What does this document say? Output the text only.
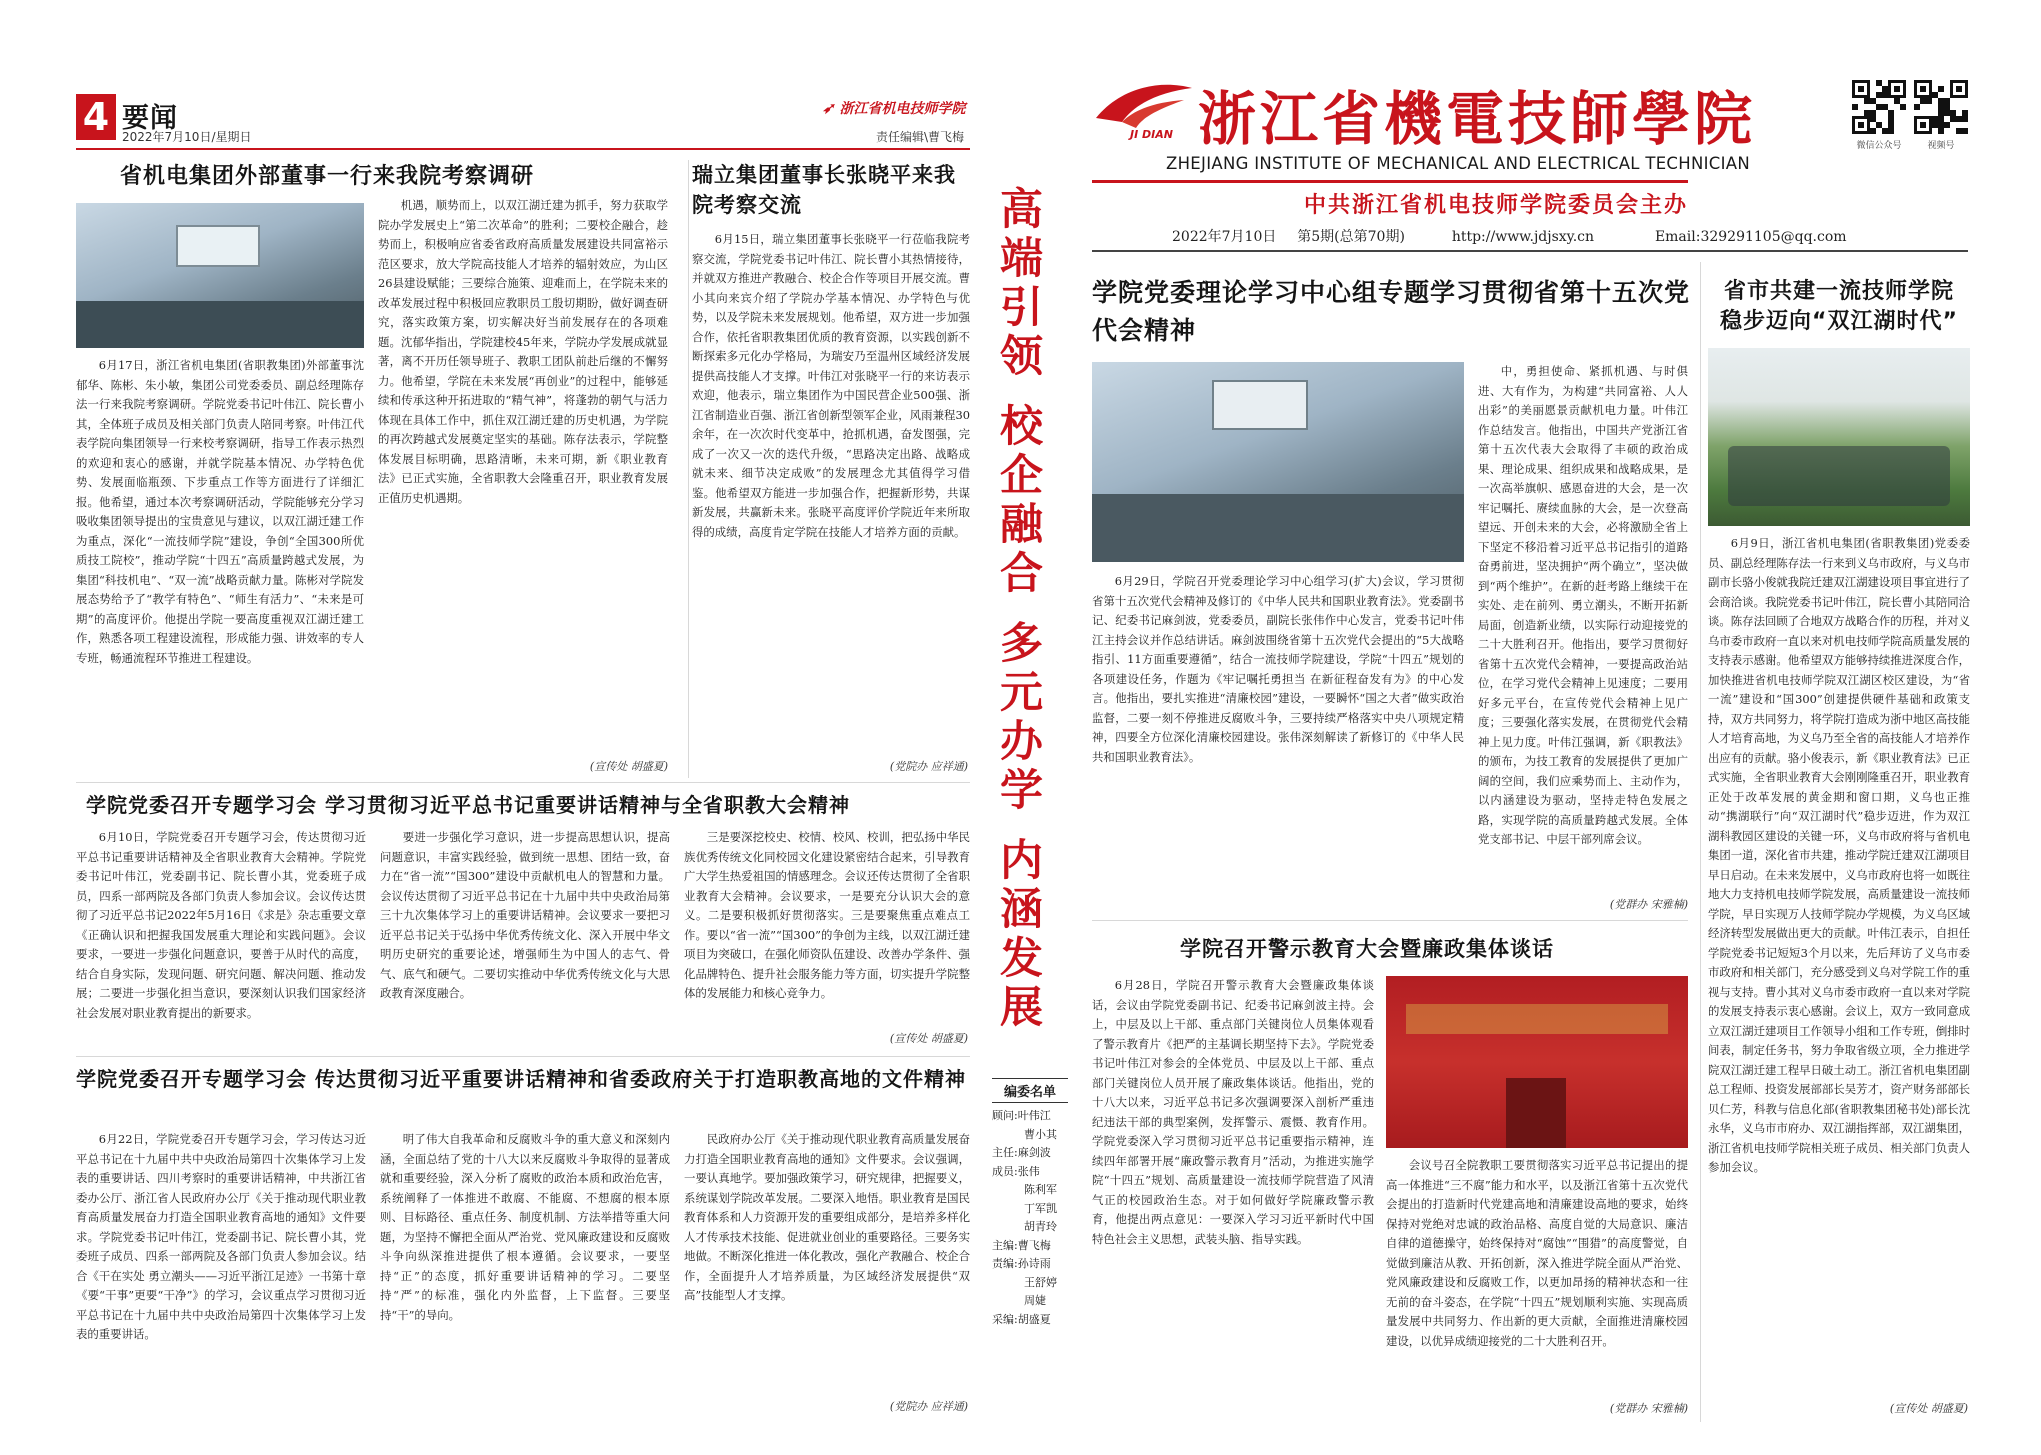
4 要闻
2022年7月10日/星期日
➶ 浙江省机电技师学院
责任编辑\曹飞梅
省机电集团外部董事一行来我院考察调研
6月17日，浙江省机电集团(省职教集团)外部董事沈郁华、陈彬、朱小敏，集团公司党委委员、副总经理陈存法一行来我院考察调研。学院党委书记叶伟江、院长曹小其，全体班子成员及相关部门负责人陪同考察。叶伟江代表学院向集团领导一行来校考察调研，指导工作表示热烈的欢迎和衷心的感谢，并就学院基本情况、办学特色优势、发展面临瓶颈、下步重点工作等方面进行了详细汇报。他希望，通过本次考察调研活动，学院能够充分学习吸收集团领导提出的宝贵意见与建议，以双江湖迁建工作为重点，深化“一流技师学院”建设，争创“全国300所优质技工院校”，推动学院“十四五”高质量跨越式发展，为集团“科技机电”、“双一流”战略贡献力量。陈彬对学院发展态势给予了“教学有特色”、“师生有活力”、“未来是可期”的高度评价。他提出学院一要高度重视双江湖迁建工作，熟悉各项工程建设流程，形成能力强、讲效率的专人专班，畅通流程环节推进工程建设。
机遇，顺势而上，以双江湖迁建为抓手，努力获取学院办学发展史上“第二次革命”的胜利；二要校企融合，趁势而上，积极响应省委省政府高质量发展建设共同富裕示范区要求，放大学院高技能人才培养的辐射效应，为山区26县建设赋能；三要综合施策、迎难而上，在学院未来的改革发展过程中积极回应教职员工殷切期盼，做好调查研究，落实政策方案，切实解决好当前发展存在的各项难题。沈郁华指出，学院建校45年来，学院办学发展成就显著，离不开历任领导班子、教职工团队前赴后继的不懈努力。他希望，学院在未来发展“再创业”的过程中，能够延续和传承这种开拓进取的“精气神”，将蓬勃的朝气与活力体现在具体工作中，抓住双江湖迁建的历史机遇，为学院的再次跨越式发展奠定坚实的基础。陈存法表示，学院整体发展目标明确，思路清晰，未来可期，新《职业教育法》已正式实施，全省职教大会隆重召开，职业教育发展正值历史机遇期。
(宣传处 胡盛夏)
瑞立集团董事长张晓平来我院考察交流
6月15日，瑞立集团董事长张晓平一行莅临我院考察交流，学院党委书记叶伟江、院长曹小其热情接待，并就双方推进产教融合、校企合作等项目开展交流。曹小其向来宾介绍了学院办学基本情况、办学特色与优势，以及学院未来发展规划。他希望，双方进一步加强合作，依托省职教集团优质的教育资源，以实践创新不断探索多元化办学格局，为瑞安乃至温州区域经济发展提供高技能人才支撑。叶伟江对张晓平一行的来访表示欢迎，他表示，瑞立集团作为中国民营企业500强、浙江省制造业百强、浙江省创新型领军企业，风雨兼程30余年，在一次次时代变革中，抢抓机遇，奋发图强，完成了一次又一次的迭代升级，“思路决定出路、战略成就未来、细节决定成败”的发展理念尤其值得学习借鉴。他希望双方能进一步加强合作，把握新形势，共谋新发展，共赢新未来。张晓平高度评价学院近年来所取得的成绩，高度肯定学院在技能人才培养方面的贡献。
(党院办 应祥通)
学院党委召开专题学习会 学习贯彻习近平总书记重要讲话精神与全省职教大会精神
6月10日，学院党委召开专题学习会，传达贯彻习近平总书记重要讲话精神及全省职业教育大会精神。学院党委书记叶伟江，党委副书记、院长曹小其，党委班子成员，四系一部两院及各部门负责人参加会议。会议传达贯彻了习近平总书记2022年5月16日《求是》杂志重要文章《正确认识和把握我国发展重大理论和实践问题》。会议要求，一要进一步强化问题意识，要善于从时代的高度，结合自身实际，发现问题、研究问题、解决问题、推动发展；二要进一步强化担当意识，要深刻认识我们国家经济社会发展对职业教育提出的新要求。
要进一步强化学习意识，进一步提高思想认识，提高问题意识，丰富实践经验，做到统一思想、团结一致，奋力在“省一流”“国300”建设中贡献机电人的智慧和力量。会议传达贯彻了习近平总书记在十九届中共中央政治局第三十九次集体学习上的重要讲话精神。会议要求一要把习近平总书记关于弘扬中华优秀传统文化、深入开展中华文明历史研究的重要论述，增强师生为中国人的志气、骨气、底气和硬气。二要切实推动中华优秀传统文化与大思政教育深度融合。
三是要深挖校史、校情、校风、校训，把弘扬中华民族优秀传统文化同校园文化建设紧密结合起来，引导教育广大学生热爱祖国的情感理念。会议还传达贯彻了全省职业教育大会精神。会议要求，一是要充分认识大会的意义。二是要积极抓好贯彻落实。三是要聚焦重点难点工作。要以“省一流”“国300”的争创为主线，以双江湖迁建项目为突破口，在强化师资队伍建设、改善办学条件、强化品牌特色、提升社会服务能力等方面，切实提升学院整体的发展能力和核心竞争力。
(宣传处 胡盛夏)
学院党委召开专题学习会 传达贯彻习近平重要讲话精神和省委政府关于打造职教高地的文件精神
6月22日，学院党委召开专题学习会，学习传达习近平总书记在十九届中共中央政治局第四十次集体学习上发表的重要讲话、四川考察时的重要讲话精神，中共浙江省委办公厅、浙江省人民政府办公厅《关于推动现代职业教育高质量发展奋力打造全国职业教育高地的通知》文件要求。学院党委书记叶伟江，党委副书记、院长曹小其，党委班子成员、四系一部两院及各部门负责人参加会议。结合《干在实处 勇立潮头——习近平浙江足迹》一书第十章《要“干事”更要“干净”》的学习，会议重点学习贯彻习近平总书记在十九届中共中央政治局第四十次集体学习上发表的重要讲话。
明了伟大自我革命和反腐败斗争的重大意义和深刻内涵，全面总结了党的十八大以来反腐败斗争取得的显著成就和重要经验，深入分析了腐败的政治本质和政治危害，系统阐释了一体推进不敢腐、不能腐、不想腐的根本原则、目标路径、重点任务、制度机制、方法举措等重大问题，为坚持不懈把全面从严治党、党风廉政建设和反腐败斗争向纵深推进提供了根本遵循。会议要求，一要坚持“正”的态度，抓好重要讲话精神的学习。二要坚持“严”的标准，强化内外监督，上下监督。三要坚持“干”的导向。
民政府办公厅《关于推动现代职业教育高质量发展奋力打造全国职业教育高地的通知》文件要求。会议强调，一要认真地学。要加强政策学习，研究规律，把握要义，系统谋划学院改革发展。二要深入地悟。职业教育是国民教育体系和人力资源开发的重要组成部分，是培养多样化人才传承技术技能、促进就业创业的重要路径。三要务实地做。不断深化推进一体化教改，强化产教融合、校企合作，全面提升人才培养质量，为区域经济发展提供“双高”技能型人才支撑。
(党院办 应祥通)
高端引领 校企融合 多元办学 内涵发展
编委名单
顾问:叶伟江
曹小其
主任:麻剑波
成员:张伟
陈利军
丁军凯
胡青玲
主编:曹飞梅
责编:孙诗雨
王舒婷
周婕
采编:胡盛夏
JI DIAN 浙江省機電技師學院
ZHEJIANG INSTITUTE OF MECHANICAL AND ELECTRICAL TECHNICIAN
中共浙江省机电技师学院委员会主办
2022年7月10日 第5期(总第70期)	http://www.jdjsxy.cn	Email:329291105@qq.com
微信公众号	视频号
学院党委理论学习中心组专题学习贯彻省第十五次党代会精神
6月29日，学院召开党委理论学习中心组学习(扩大)会议，学习贯彻省第十五次党代会精神及修订的《中华人民共和国职业教育法》。党委副书记、纪委书记麻剑波，党委委员，副院长张伟作中心发言，党委书记叶伟江主持会议并作总结讲话。麻剑波围绕省第十五次党代会提出的“5大战略指引、11方面重要遵循”，结合一流技师学院建设，学院“十四五”规划的各项建设任务，作题为《牢记嘱托勇担当 在新征程奋发有为》的中心发言。他指出，要扎实推进“清廉校园”建设，一要瞬怀“国之大者”做实政治监督，二要一刻不停推进反腐败斗争，三要持续严格落实中央八项规定精神，四要全方位深化清廉校园建设。张伟深刻解读了新修订的《中华人民共和国职业教育法》。
中，勇担使命、紧抓机遇、与时俱进、大有作为，为构建“共同富裕、人人出彩”的美丽愿景贡献机电力量。叶伟江作总结发言。他指出，中国共产党浙江省第十五次代表大会取得了丰硕的政治成果、理论成果、组织成果和战略成果，是一次高举旗帜、感恩奋进的大会，是一次牢记嘱托、赓续血脉的大会，是一次登高望远、开创未来的大会，必将激励全省上下坚定不移沿着习近平总书记指引的道路奋勇前进，坚决拥护“两个确立”，坚决做到“两个维护”。在新的赶考路上继续干在实处、走在前列、勇立潮头，不断开拓新局面，创造新业绩，以实际行动迎接党的二十大胜利召开。他指出，要学习贯彻好省第十五次党代会精神，一要提高政治站位，在学习党代会精神上见速度；二要用好多元平台，在宣传党代会精神上见广度；三要强化落实发展，在贯彻党代会精神上见力度。叶伟江强调，新《职教法》的颁布，为技工教育的发展提供了更加广阔的空间，我们应乘势而上、主动作为，以内涵建设为驱动，坚持走特色发展之路，实现学院的高质量跨越式发展。全体党支部书记、中层干部列席会议。
(党群办 宋雅楠)
学院召开警示教育大会暨廉政集体谈话
6月28日，学院召开警示教育大会暨廉政集体谈话，会议由学院党委副书记、纪委书记麻剑波主持。会上，中层及以上干部、重点部门关键岗位人员集体观看了警示教育片《把严的主基调长期坚持下去》。学院党委书记叶伟江对参会的全体党员、中层及以上干部、重点部门关键岗位人员开展了廉政集体谈话。他指出，党的十八大以来，习近平总书记多次强调要深入剖析严重违纪违法干部的典型案例，发挥警示、震慑、教育作用。学院党委深入学习贯彻习近平总书记重要指示精神，连续四年部署开展“廉政警示教育月”活动，为推进实施学院“十四五”规划、高质量建设一流技师学院营造了风清气正的校园政治生态。对于如何做好学院廉政警示教育，他提出两点意见：一要深入学习习近平新时代中国特色社会主义思想，武装头脑、指导实践。
会议号召全院教职工要贯彻落实习近平总书记提出的提高一体推进“三不腐”能力和水平，以及浙江省第十五次党代会提出的打造新时代党建高地和清廉建设高地的要求，始终保持对党绝对忠诚的政治品格、高度自觉的大局意识、廉洁自律的道德操守，始终保持对“腐蚀”“围猎”的高度警觉，自觉做到廉洁从教、开拓创新，深入推进学院全面从严治党、党风廉政建设和反腐败工作，以更加昂扬的精神状态和一往无前的奋斗姿态，在学院“十四五”规划顺利实施、实现高质量发展中共同努力、作出新的更大贡献，全面推进清廉校园建设，以优异成绩迎接党的二十大胜利召开。
(党群办 宋雅楠)
省市共建一流技师学院
稳步迈向“双江湖时代”
6月9日，浙江省机电集团(省职教集团)党委委员、副总经理陈存法一行来到义乌市政府，与义乌市副市长骆小俊就我院迁建双江湖建设项目事宜进行了会商洽谈。我院党委书记叶伟江，院长曹小其陪同洽谈。陈存法回顾了合地双方战略合作的历程，并对义乌市委市政府一直以来对机电技师学院高质量发展的支持表示感谢。他希望双方能够持续推进深度合作，加快推进省机电技师学院双江湖区校区建设，为“省一流”建设和“国300”创建提供硬件基础和政策支持，双方共同努力，将学院打造成为浙中地区高技能人才培育高地，为义乌乃至全省的高技能人才培养作出应有的贡献。骆小俊表示，新《职业教育法》已正式实施，全省职业教育大会刚刚隆重召开，职业教育正处于改革发展的黄金期和窗口期，义乌也正推动“携湖联行”向“双江湖时代”稳步迈进，作为双江湖科教园区建设的关键一环，义乌市政府将与省机电集团一道，深化省市共建，推动学院迁建双江湖项目早日启动。在未来发展中，义乌市政府也将一如既往地大力支持机电技师学院发展，高质量建设一流技师学院，早日实现万人技师学院办学规模，为义乌区域经济转型发展做出更大的贡献。叶伟江表示，自担任学院党委书记短短3个月以来，先后拜访了义乌市委市政府和相关部门，充分感受到义乌对学院工作的重视与支持。曹小其对义乌市委市政府一直以来对学院的发展支持表示衷心感谢。会议上，双方一致同意成立双江湖迁建项目工作领导小组和工作专班，倒排时间表，制定任务书，努力争取省级立项，全力推进学院双江湖迁建工程早日破土动工。浙江省机电集团副总工程师、投资发展部部长吴芳才，资产财务部部长贝仁芳，科教与信息化部(省职教集团秘书处)部长沈永华，义乌市市府办、双江湖指挥部，双江湖集团，浙江省机电技师学院相关班子成员、相关部门负责人参加会议。
(宣传处 胡盛夏)
